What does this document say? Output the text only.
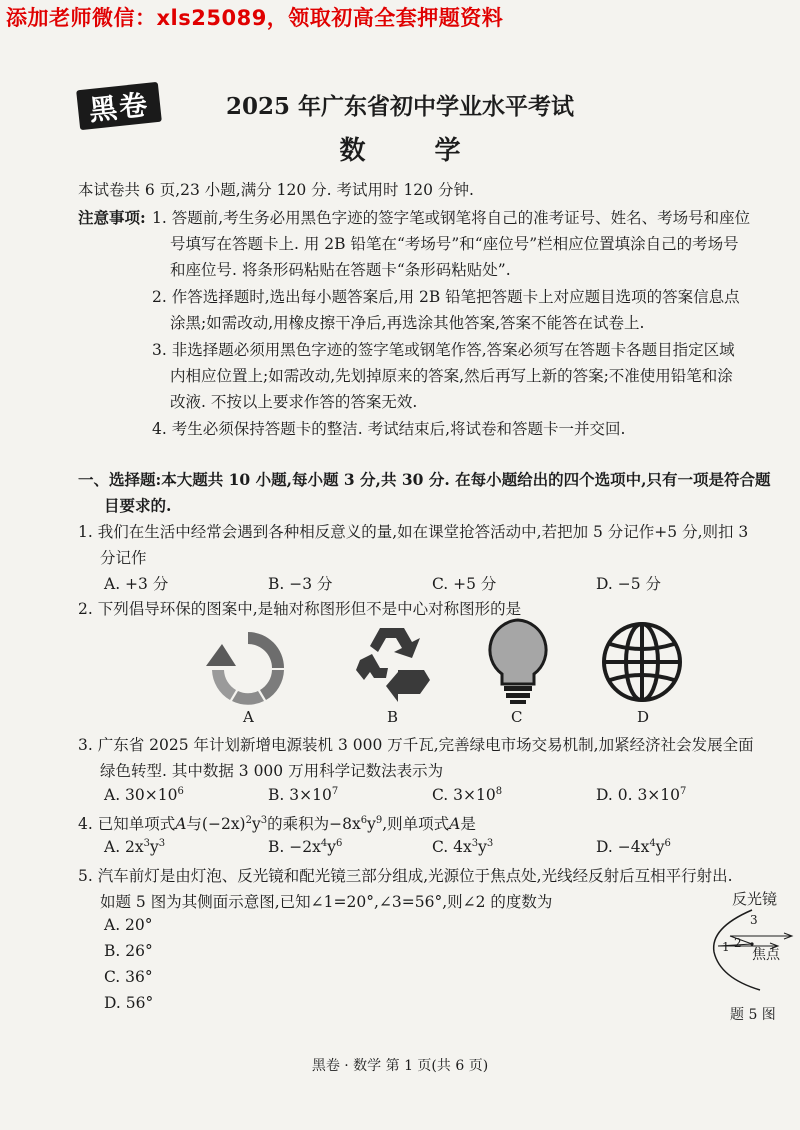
添加老师微信：xls25089，领取初高全套押题资料
黑卷	2025 年广东省初中学业水平考试
数 学
本试卷共 6 页,23 小题,满分 120 分. 考试用时 120 分钟.
注意事项: 1. 答题前,考生务必用黑色字迹的签字笔或钢笔将自己的准考证号、姓名、考场号和座位
号填写在答题卡上. 用 2B 铅笔在“考场号”和“座位号”栏相应位置填涂自己的考场号
和座位号. 将条形码粘贴在答题卡“条形码粘贴处”.
2. 作答选择题时,选出每小题答案后,用 2B 铅笔把答题卡上对应题目选项的答案信息点
涂黑;如需改动,用橡皮擦干净后,再选涂其他答案,答案不能答在试卷上.
3. 非选择题必须用黑色字迹的签字笔或钢笔作答,答案必须写在答题卡各题目指定区域
内相应位置上;如需改动,先划掉原来的答案,然后再写上新的答案;不准使用铅笔和涂
改液. 不按以上要求作答的答案无效.
4. 考生必须保持答题卡的整洁. 考试结束后,将试卷和答题卡一并交回.
一、选择题:本大题共 10 小题,每小题 3 分,共 30 分. 在每小题给出的四个选项中,只有一项是符合题
目要求的.
1. 我们在生活中经常会遇到各种相反意义的量,如在课堂抢答活动中,若把加 5 分记作+5 分,则扣 3
分记作
A. +3 分	B. −3 分	C. +5 分	D. −5 分
2. 下列倡导环保的图案中,是轴对称图形但不是中心对称图形的是
A	B	C	D
3. 广东省 2025 年计划新增电源装机 3 000 万千瓦,完善绿电市场交易机制,加紧经济社会发展全面
绿色转型. 其中数据 3 000 万用科学记数法表示为
A. $30\times 10^6$	B. $3\times 10^7$	C. $3\times 10^8$	D. 0. $3\times 10^7$
4. 已知单项式A与$(-2x)^2y^3$的乘积为$-8x^6y^9$,则单项式A是
A. $2x^3y^3$	B. $-2x^4y^6$	C. $4x^3y^3$	D. $-4x^4y^6$
5. 汽车前灯是由灯泡、反光镜和配光镜三部分组成,光源位于焦点处,光线经反射后互相平行射出.
如题 5 图为其侧面示意图,已知∠1=20°,∠3=56°,则∠2 的度数为
A. 20°
B. 26°
C. 36°
D. 56°
反光镜
3
1 2
焦点
题 5 图
黑卷 · 数学 第 1 页(共 6 页)
